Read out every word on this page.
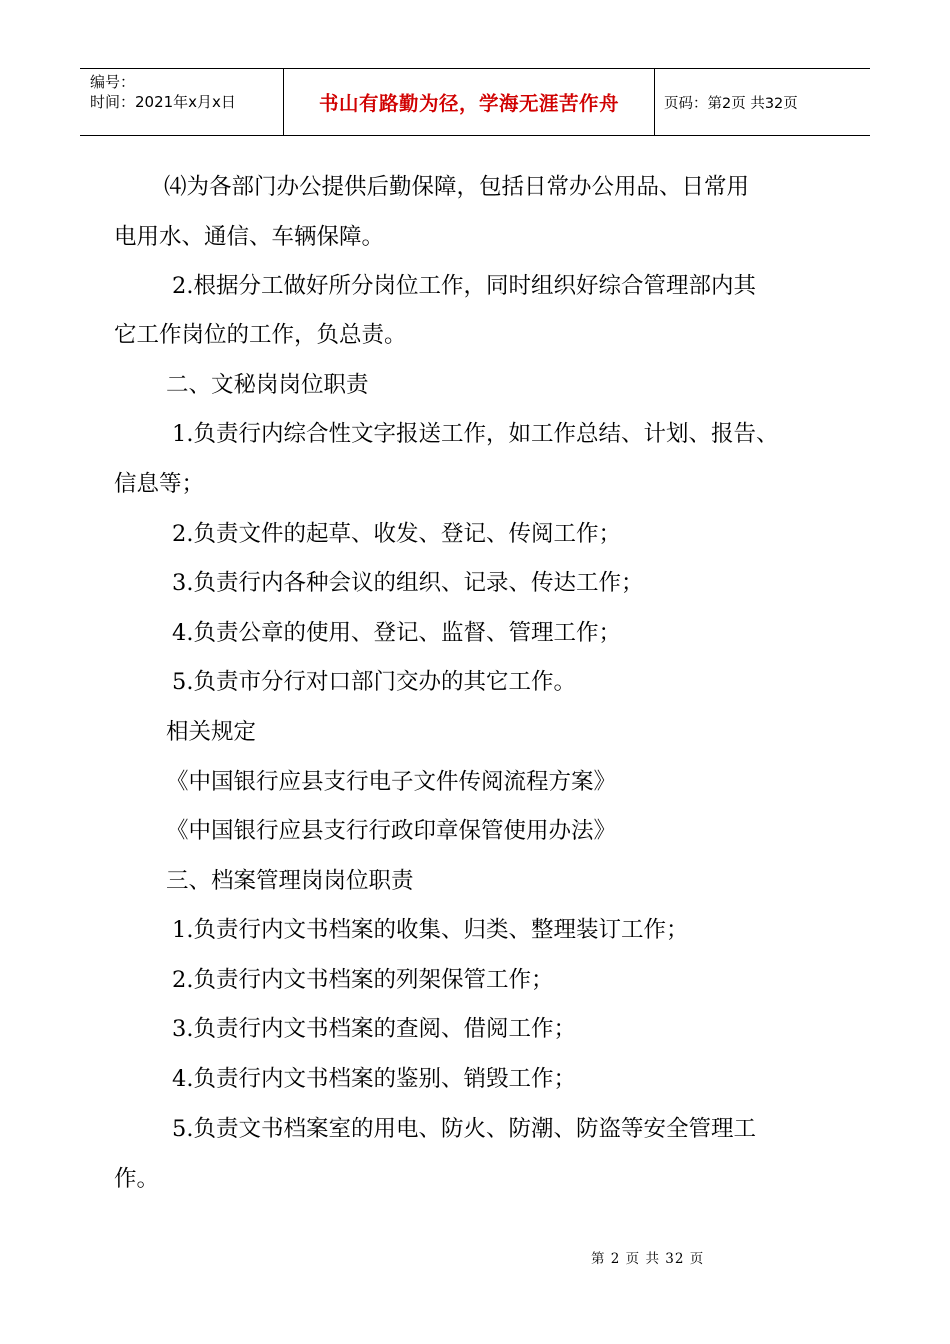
编号：
时间：2021年x月x日	书山有路勤为径，学海无涯苦作舟	页码：第2页 共32页
⑷为各部门办公提供后勤保障，包括日常办公用品、日常用
电用水、通信、车辆保障。
2.根据分工做好所分岗位工作，同时组织好综合管理部内其
它工作岗位的工作，负总责。
二、文秘岗岗位职责
1.负责行内综合性文字报送工作，如工作总结、计划、报告、
信息等；
2.负责文件的起草、收发、登记、传阅工作；
3.负责行内各种会议的组织、记录、传达工作；
4.负责公章的使用、登记、监督、管理工作；
5.负责市分行对口部门交办的其它工作。
相关规定
《中国银行应县支行电子文件传阅流程方案》
《中国银行应县支行行政印章保管使用办法》
三、档案管理岗岗位职责
1.负责行内文书档案的收集、归类、整理装订工作；
2.负责行内文书档案的列架保管工作；
3.负责行内文书档案的查阅、借阅工作；
4.负责行内文书档案的鉴别、销毁工作；
5.负责文书档案室的用电、防火、防潮、防盗等安全管理工
作。
第 2 页 共 32 页
